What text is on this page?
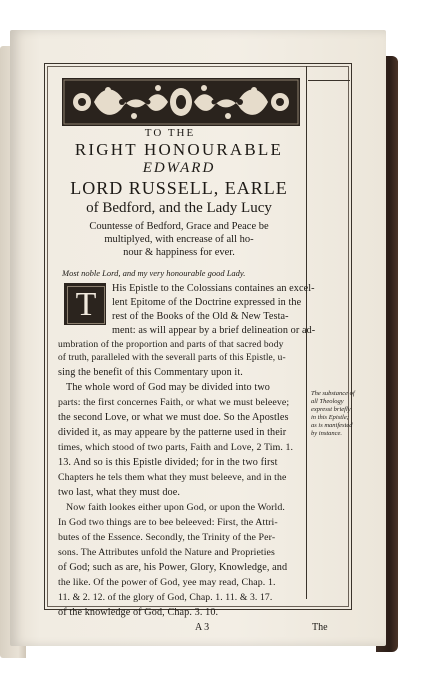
TO THE
RIGHT HONOURABLE
EDWARD
LORD RUSSELL, EARLE
of Bedford, and the Lady Lucy
Countesse of Bedford, Grace and Peace be
multiplyed, with encrease of all ho-
nour & happiness for ever.
Most noble Lord, and my very honourable good Lady.
T	His Epistle to the Colossians containes an excel-
lent Epitome of the Doctrine expressed in the
rest of the Books of the Old & New Testa-
ment: as will appear by a brief delineation or ad-
umbration of the proportion and parts of that sacred body
of truth, paralleled with the severall parts of this Epistle, u-
sing the benefit of this Commentary upon it.
The whole word of God may be divided into two
parts: the first concernes Faith, or what we must beleeve;
the second Love, or what we must doe. So the Apostles
divided it, as may appeare by the patterne used in their
times, which stood of two parts, Faith and Love, 2 Tim. 1.
13. And so is this Epistle divided; for in the two first
Chapters he tels them what they must beleeve, and in the
two last, what they must doe.
Now faith lookes either upon God, or upon the World.
In God two things are to bee beleeved: First, the Attri-
butes of the Essence. Secondly, the Trinity of the Per-
sons. The Attributes unfold the Nature and Proprieties
of God; such as are, his Power, Glory, Knowledge, and
the like. Of the power of God, yee may read, Chap. 1.
11. & 2. 12. of the glory of God, Chap. 1. 11. & 3. 17.
of the knowledge of God, Chap. 3. 10.
The substance of
all Theology
expresst briefly
in this Epistle;
as is manifested
by instance.
A 3	The
